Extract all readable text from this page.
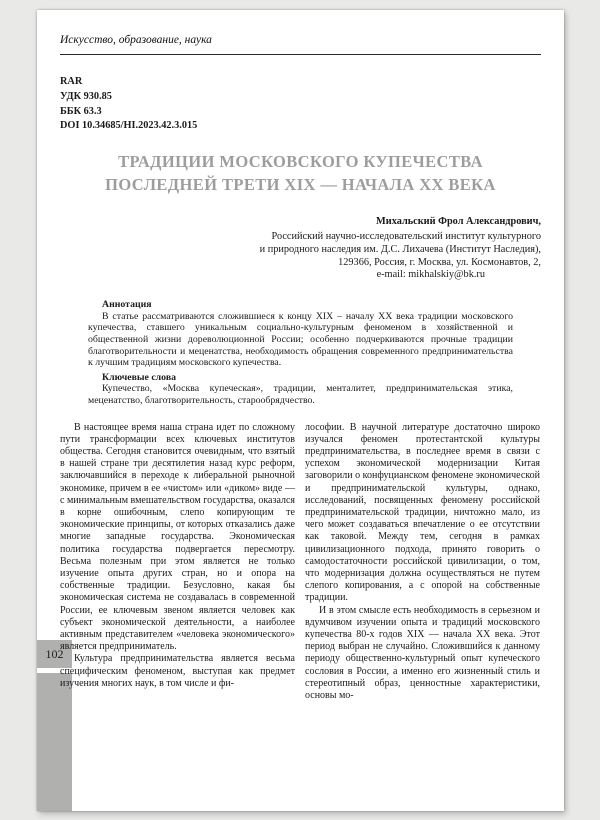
102
Искусство, образование, наука
RAR
УДК 930.85
ББК 63.3
DOI 10.34685/HI.2023.42.3.015
ТРАДИЦИИ МОСКОВСКОГО КУПЕЧЕСТВА
ПОСЛЕДНЕЙ ТРЕТИ XIX — НАЧАЛА XX ВЕКА
Михальский Фрол Александрович,
Российский научно-исследовательский институт культурного
и природного наследия им. Д.С. Лихачева (Институт Наследия),
129366, Россия, г. Москва, ул. Космонавтов, 2,
e-mail: mikhalskiy@bk.ru
Аннотация

В статье рассматриваются сложившиеся к концу XIX – началу XX века традиции московского купечества, ставшего уникальным социально-культурным феноменом в хозяйственной и общественной жизни дореволюционной России; особенно подчеркиваются прочные традиции благотворительности и меценатства, необходимость обращения современного предпринимательства к лучшим традициям московского купечества.

Ключевые слова

Купечество, «Москва купеческая», традиции, менталитет, предпринимательская этика, меценатство, благотворительность, старообрядчество.

В настоящее время наша страна идет по сложному пути трансформации всех ключевых институтов общества. Сегодня становится очевидным, что взятый в нашей стране три десятилетия назад курс реформ, заключавшийся в переходе к либеральной рыночной экономике, причем в ее «чистом» или «диком» виде — с минимальным вмешательством государства, оказался в корне ошибочным, слепо копирующим те экономические принципы, от которых отказались даже многие западные государства. Экономическая политика государства подвергается пересмотру. Весьма полезным при этом является не только изучение опыта других стран, но и опора на собственные традиции. Безусловно, какая бы экономическая система не создавалась в современной России, ее ключевым звеном является человек как субъект экономической деятельности, а наиболее активным представителем «человека экономического» является предприниматель.

Культура предпринимательства является весьма специфическим феноменом, выступая как предмет изучения многих наук, в том числе и фи-

лософии. В научной литературе достаточно широко изучался феномен протестантской культуры предпринимательства, в последнее время в связи с успехом экономической модернизации Китая заговорили о конфуцианском феномене экономической и предпринимательской культуры, однако, исследований, посвященных феномену российской предпринимательской традиции, ничтожно мало, из чего может создаваться впечатление о ее отсутствии как таковой. Между тем, сегодня в рамках цивилизационного подхода, принято говорить о самодостаточности российской цивилизации, о том, что модернизация должна осуществляться не путем слепого копирования, а с опорой на собственные традиции.

И в этом смысле есть необходимость в серьезном и вдумчивом изучении опыта и традиций московского купечества 80-х годов XIX — начала XX века. Этот период выбран не случайно. Сложившийся к данному периоду общественно-культурный опыт купеческого сословия в России, а именно его жизненный стиль и стереотипный образ, ценностные характеристики, основы мо-
